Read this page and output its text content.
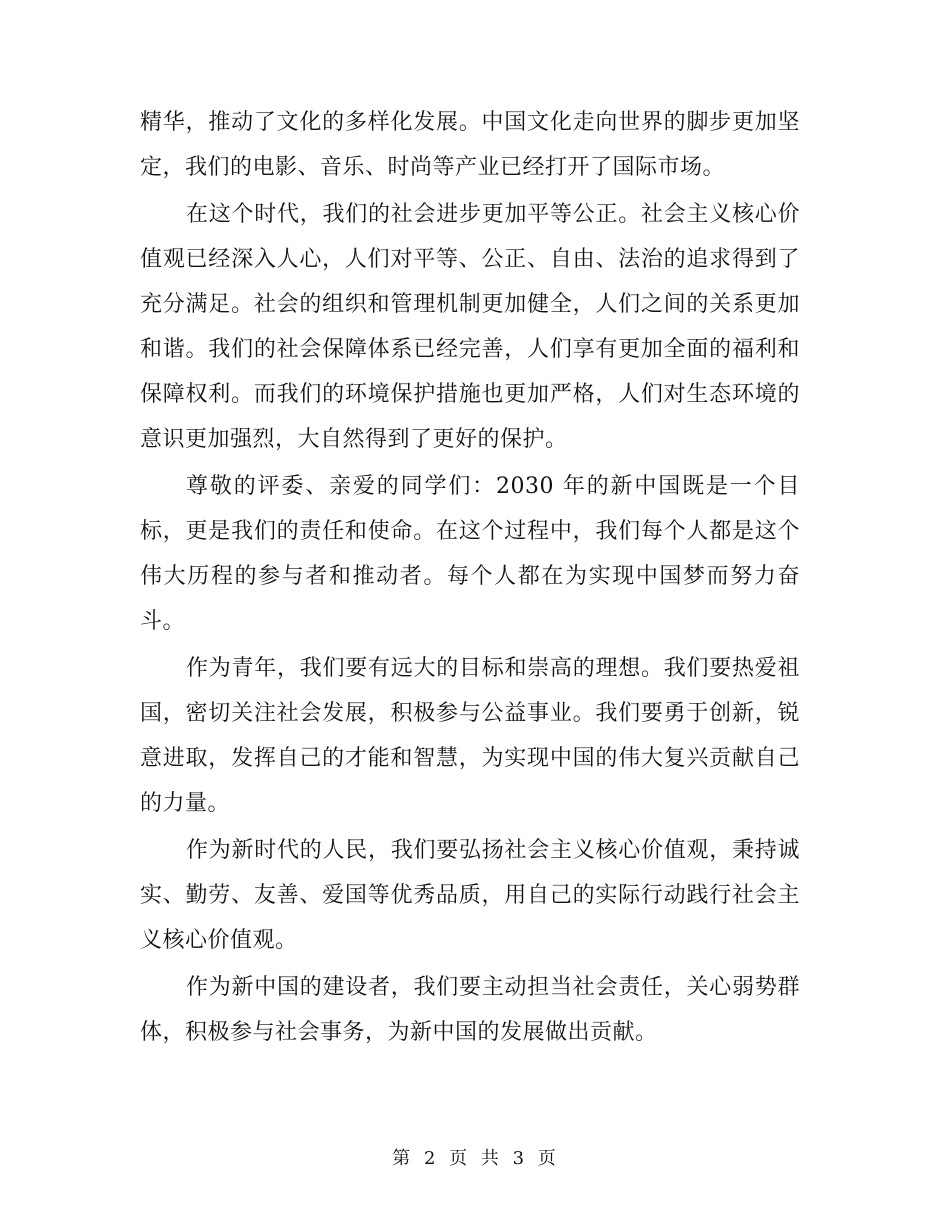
精华，推动了文化的多样化发展。中国文化走向世界的脚步更加坚定，我们的电影、音乐、时尚等产业已经打开了国际市场。

在这个时代，我们的社会进步更加平等公正。社会主义核心价值观已经深入人心，人们对平等、公正、自由、法治的追求得到了充分满足。社会的组织和管理机制更加健全，人们之间的关系更加和谐。我们的社会保障体系已经完善，人们享有更加全面的福利和保障权利。而我们的环境保护措施也更加严格，人们对生态环境的意识更加强烈，大自然得到了更好的保护。

尊敬的评委、亲爱的同学们：2030 年的新中国既是一个目标，更是我们的责任和使命。在这个过程中，我们每个人都是这个伟大历程的参与者和推动者。每个人都在为实现中国梦而努力奋斗。

作为青年，我们要有远大的目标和崇高的理想。我们要热爱祖国，密切关注社会发展，积极参与公益事业。我们要勇于创新，锐意进取，发挥自己的才能和智慧，为实现中国的伟大复兴贡献自己的力量。

作为新时代的人民，我们要弘扬社会主义核心价值观，秉持诚实、勤劳、友善、爱国等优秀品质，用自己的实际行动践行社会主义核心价值观。

作为新中国的建设者，我们要主动担当社会责任，关心弱势群体，积极参与社会事务，为新中国的发展做出贡献。

第 2 页 共 3 页
